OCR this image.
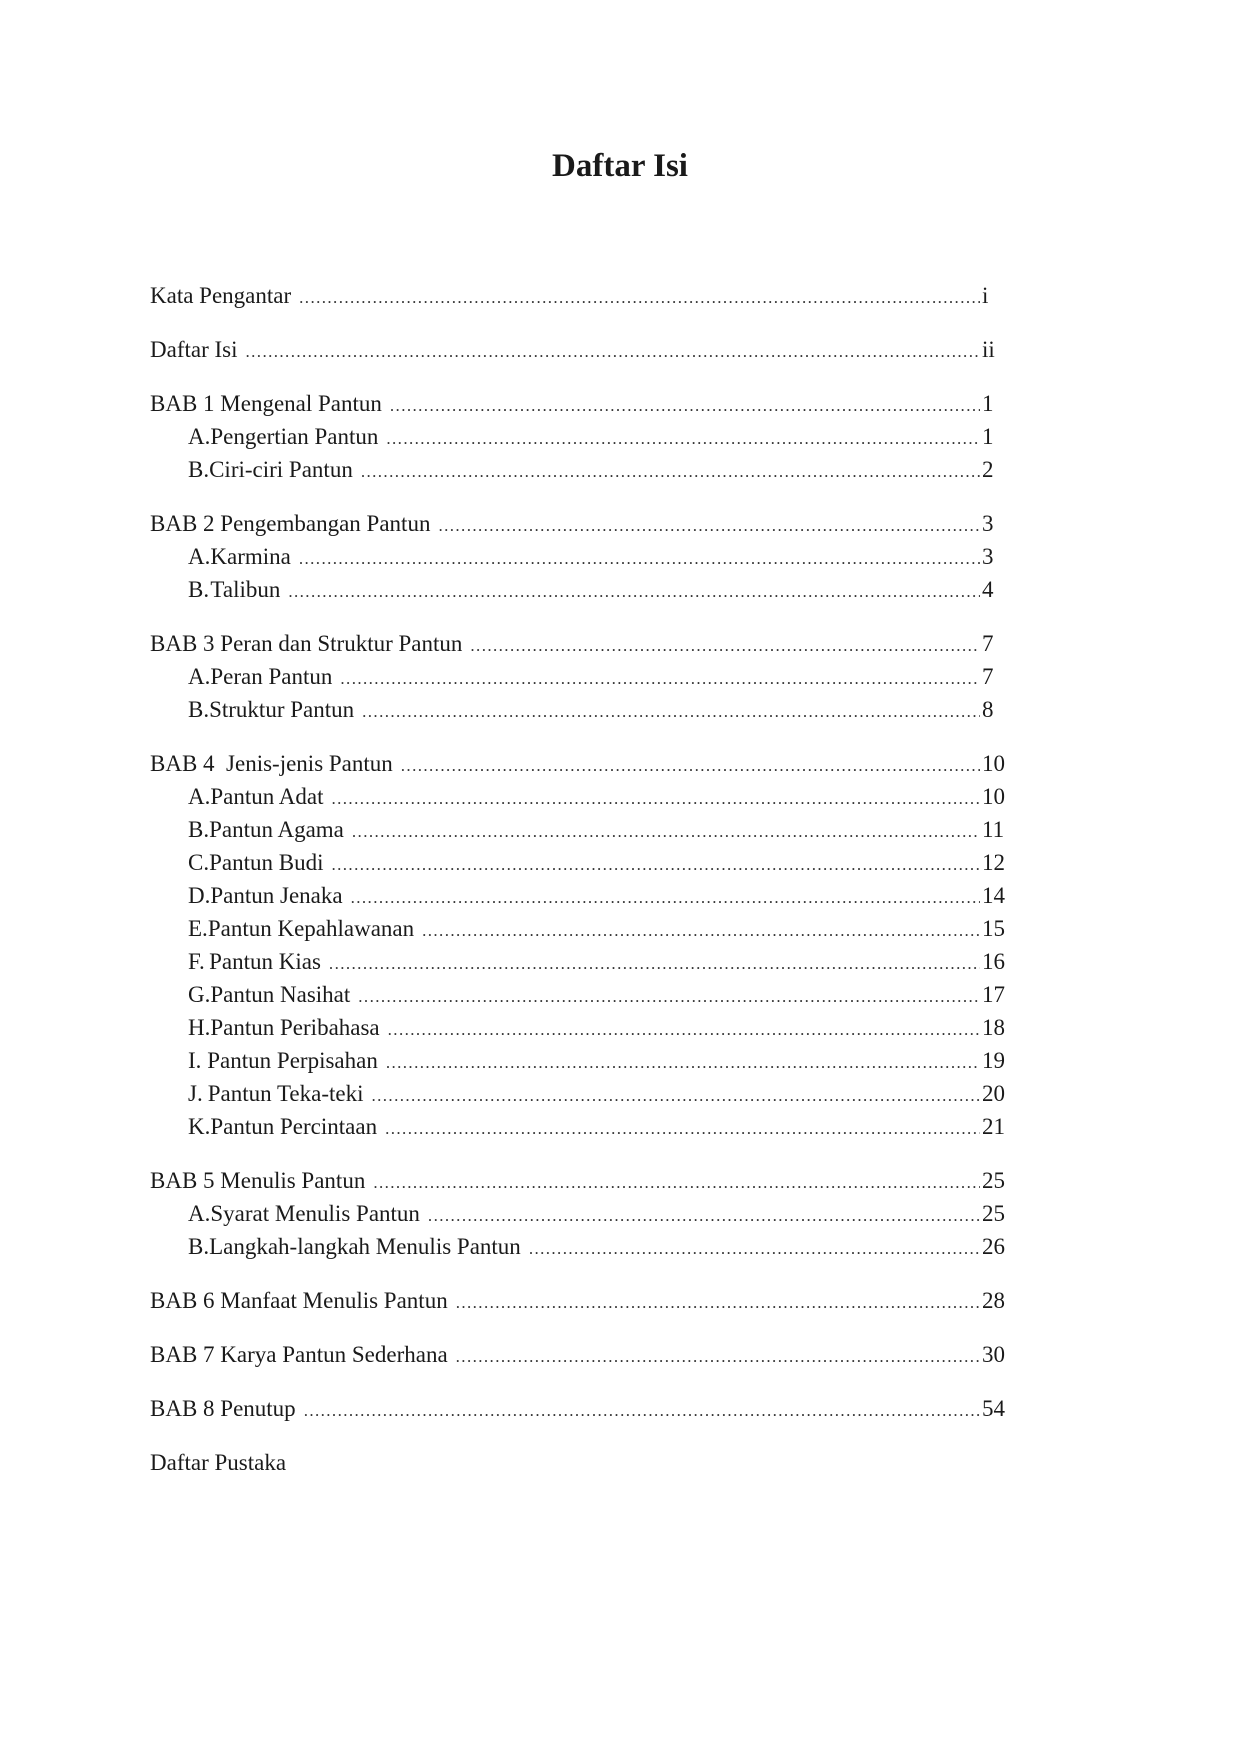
Daftar Isi
Kata Pengantar .....	i
Daftar Isi .....	ii
BAB 1 Mengenal Pantun .....	1
A. Pengertian Pantun .....	1
B. Ciri-ciri Pantun .....	2
BAB 2 Pengembangan Pantun .....	3
A. Karmina .....	3
B. Talibun .....	4
BAB 3 Peran dan Struktur Pantun .....	7
A. Peran Pantun .....	7
B. Struktur Pantun .....	8
BAB 4  Jenis-jenis Pantun .....	10
A. Pantun Adat .....	10
B. Pantun Agama .....	11
C. Pantun Budi .....	12
D. Pantun Jenaka .....	14
E. Pantun Kepahlawanan .....	15
F. Pantun Kias .....	16
G. Pantun Nasihat .....	17
H. Pantun Peribahasa .....	18
I. Pantun Perpisahan .....	19
J. Pantun Teka-teki .....	20
K. Pantun Percintaan .....	21
BAB 5 Menulis Pantun .....	25
A. Syarat Menulis Pantun .....	25
B. Langkah-langkah Menulis Pantun .....	26
BAB 6 Manfaat Menulis Pantun .....	28
BAB 7 Karya Pantun Sederhana .....	30
BAB 8 Penutup .....	54
Daftar Pustaka
